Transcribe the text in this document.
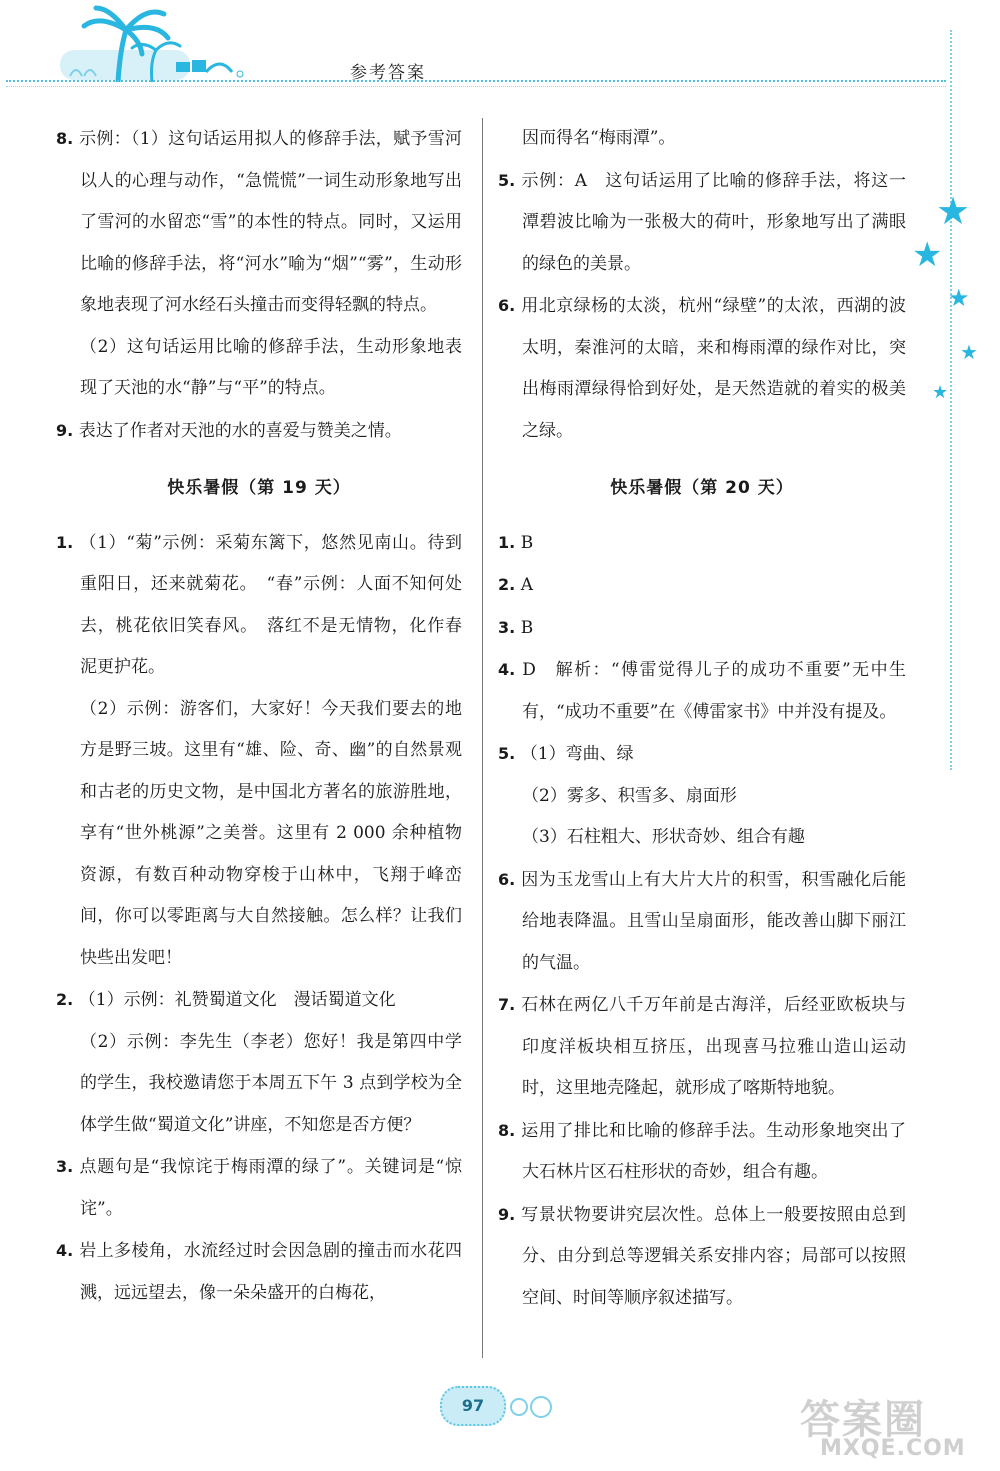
参考答案
★
★
★
★
★

8. 示例：（1）这句话运用拟人的修辞手法，赋予雪河以人的心理与动作，“急慌慌”一词生动形象地写出了雪河的水留恋“雪”的本性的特点。同时，又运用比喻的修辞手法，将“河水”喻为“烟”“雾”，生动形象地表现了河水经石头撞击而变得轻飘的特点。

（2）这句话运用比喻的修辞手法，生动形象地表现了天池的水“静”与“平”的特点。

9. 表达了作者对天池的水的喜爱与赞美之情。

快乐暑假（第 19 天）

1. （1）“菊”示例：采菊东篱下，悠然见南山。待到重阳日，还来就菊花。　“春”示例：人面不知何处去，桃花依旧笑春风。　落红不是无情物，化作春泥更护花。

（2）示例：游客们，大家好！今天我们要去的地方是野三坡。这里有“雄、险、奇、幽”的自然景观和古老的历史文物，是中国北方著名的旅游胜地，享有“世外桃源”之美誉。这里有 2 000 余种植物资源，有数百种动物穿梭于山林中，飞翔于峰峦间，你可以零距离与大自然接触。怎么样？让我们快些出发吧！

2. （1）示例：礼赞蜀道文化　漫话蜀道文化

（2）示例：李先生（李老）您好！我是第四中学的学生，我校邀请您于本周五下午 3 点到学校为全体学生做“蜀道文化”讲座，不知您是否方便？

3. 点题句是“我惊诧于梅雨潭的绿了”。关键词是“惊诧”。

4. 岩上多棱角，水流经过时会因急剧的撞击而水花四溅，远远望去，像一朵朵盛开的白梅花，

因而得名“梅雨潭”。

5. 示例：A　这句话运用了比喻的修辞手法，将这一潭碧波比喻为一张极大的荷叶，形象地写出了满眼的绿色的美景。

6. 用北京绿杨的太淡，杭州“绿壁”的太浓，西湖的波太明，秦淮河的太暗，来和梅雨潭的绿作对比，突出梅雨潭绿得恰到好处，是天然造就的着实的极美之绿。

快乐暑假（第 20 天）

1. B

2. A

3. B

4. D　解析：“傅雷觉得儿子的成功不重要”无中生有，“成功不重要”在《傅雷家书》中并没有提及。

5. （1）弯曲、绿

（2）雾多、积雪多、扇面形

（3）石柱粗大、形状奇妙、组合有趣

6. 因为玉龙雪山上有大片大片的积雪，积雪融化后能给地表降温。且雪山呈扇面形，能改善山脚下丽江的气温。

7. 石林在两亿八千万年前是古海洋，后经亚欧板块与印度洋板块相互挤压，出现喜马拉雅山造山运动时，这里地壳隆起，就形成了喀斯特地貌。

8. 运用了排比和比喻的修辞手法。生动形象地突出了大石林片区石柱形状的奇妙，组合有趣。

9. 写景状物要讲究层次性。总体上一般要按照由总到分、由分到总等逻辑关系安排内容；局部可以按照空间、时间等顺序叙述描写。

97	答案圈
MXQE.COM
